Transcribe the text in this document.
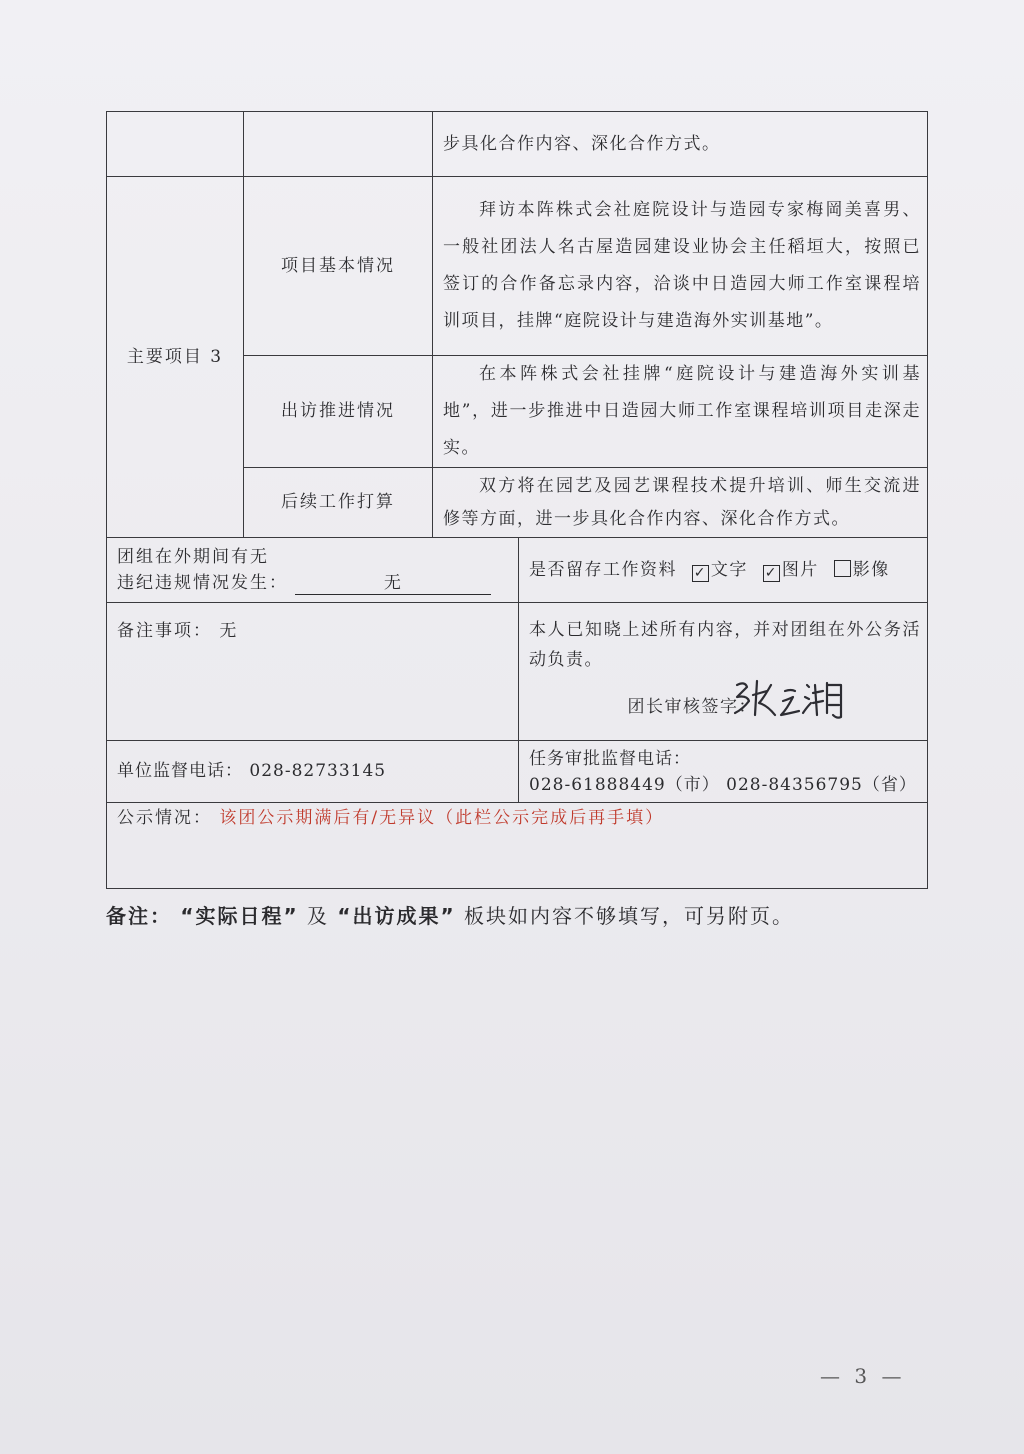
		步具化合作内容、深化合作方式。	

主要项目 3	项目基本情况	拜访本阵株式会社庭院设计与造园专家梅岡美喜男、一般社团法人名古屋造园建设业协会主任稻垣大，按照已签订的合作备忘录内容，洽谈中日造园大师工作室课程培训项目，挂牌“庭院设计与建造海外实训基地”。	

	出访推进情况	在本阵株式会社挂牌“庭院设计与建造海外实训基地”，进一步推进中日造园大师工作室课程培训项目走深走实。	

	后续工作打算	双方将在园艺及园艺课程技术提升培训、师生交流进修等方面，进一步具化合作内容、深化合作方式。	

团组在外期间有无
违纪违规情况发生： 无			是否留存工作资料 ✓ 文字 ✓ 图片 影像

备注事项： 无			本人已知晓上述所有内容，并对团组在外公务活动负责。
团长审核签字：

单位监督电话： 028-82733145			任务审批监督电话：
028-61888449（市） 028-84356795（省）

公示情况： 该团公示期满后有/无异议（此栏公示完成后再手填）			
备注： “实际日程” 及 “出访成果” 板块如内容不够填写，可另附页。
— 3 —
